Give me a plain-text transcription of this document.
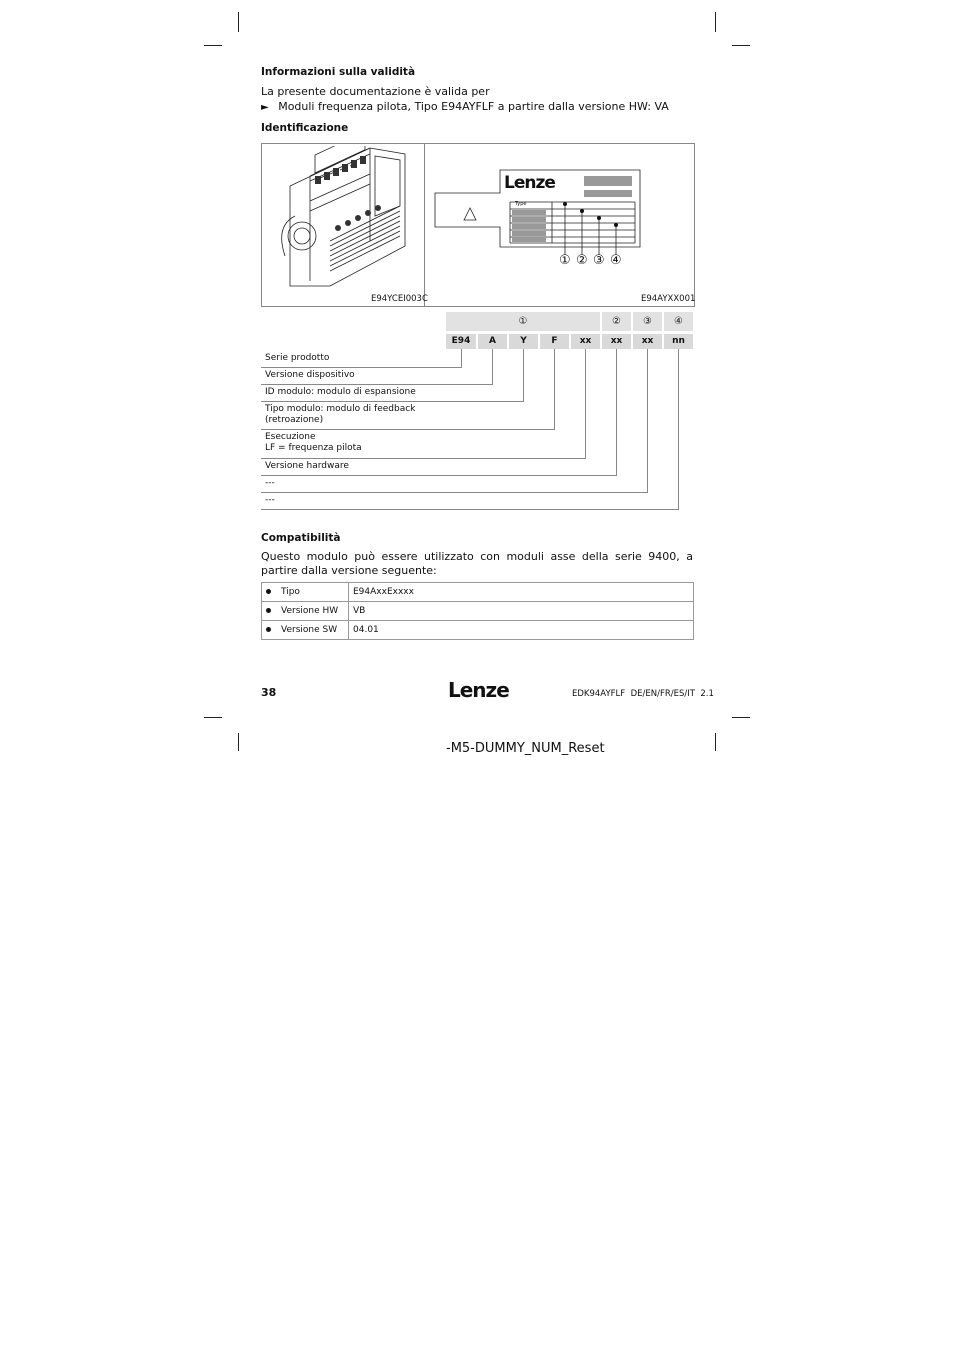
Informazioni sulla validità
La presente documentazione è valida per
► Moduli frequenza pilota, Tipo E94AYFLF a partire dalla versione HW: VA
Identificazione
E94YCEI003C
Lenze
Type
① ② ③ ④
E94AYXX001
①	②	③	④
E94	A	Y	F	xx	xx	xx	nn
Serie prodotto
Versione dispositivo
ID modulo: modulo di espansione
Tipo modulo: modulo di feedback
(retroazione)
Esecuzione
LF = frequenza pilota
Versione hardware
---
---
Compatibilità
Questo modulo può essere utilizzato con moduli asse della serie 9400, a partire dalla versione seguente:
Tipo	E94AxxExxxx
Versione HW	VB
Versione SW	04.01
38	Lenze	EDK94AYFLF  DE/EN/FR/ES/IT  2.1
-M5-DUMMY_NUM_Reset
